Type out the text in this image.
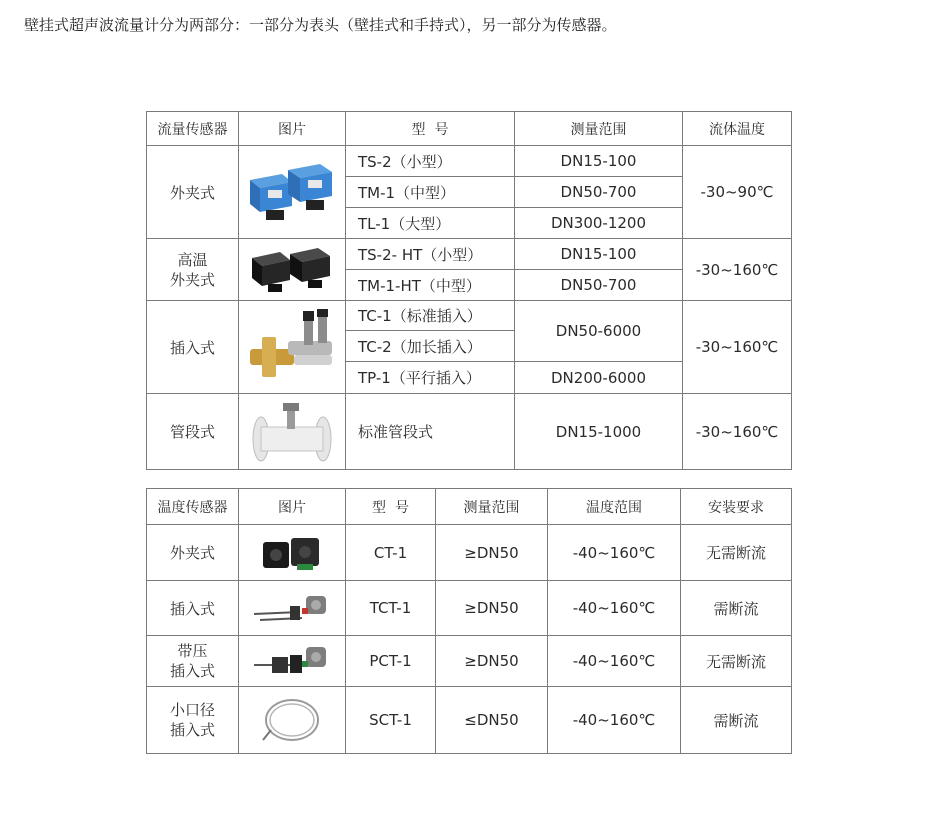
壁挂式超声波流量计分为两部分：一部分为表头（壁挂式和手持式），另一部分为传感器。
流量传感器	图片	型  号	测量范围	流体温度
外夹式		TS-2（小型）	DN15-100	-30~90℃
		TM-1（中型）	DN50-700	
		TL-1（大型）	DN300-1200	

高温
外夹式		TS-2- HT（小型）	DN15-100	-30~160℃
		TM-1-HT（中型）	DN50-700	
插入式		TC-1（标准插入）	DN50-6000	-30~160℃
		TC-2（加长插入）		
		TP-1（平行插入）	DN200-6000	
管段式		标准管段式	DN15-1000	-30~160℃
温度传感器	图片	型  号	测量范围	温度范围	安装要求
外夹式		CT-1	≥DN50	-40~160℃	无需断流
插入式		TCT-1	≥DN50	-40~160℃	需断流

带压
插入式		PCT-1	≥DN50	-40~160℃	无需断流

小口径
插入式		SCT-1	≤DN50	-40~160℃	需断流
